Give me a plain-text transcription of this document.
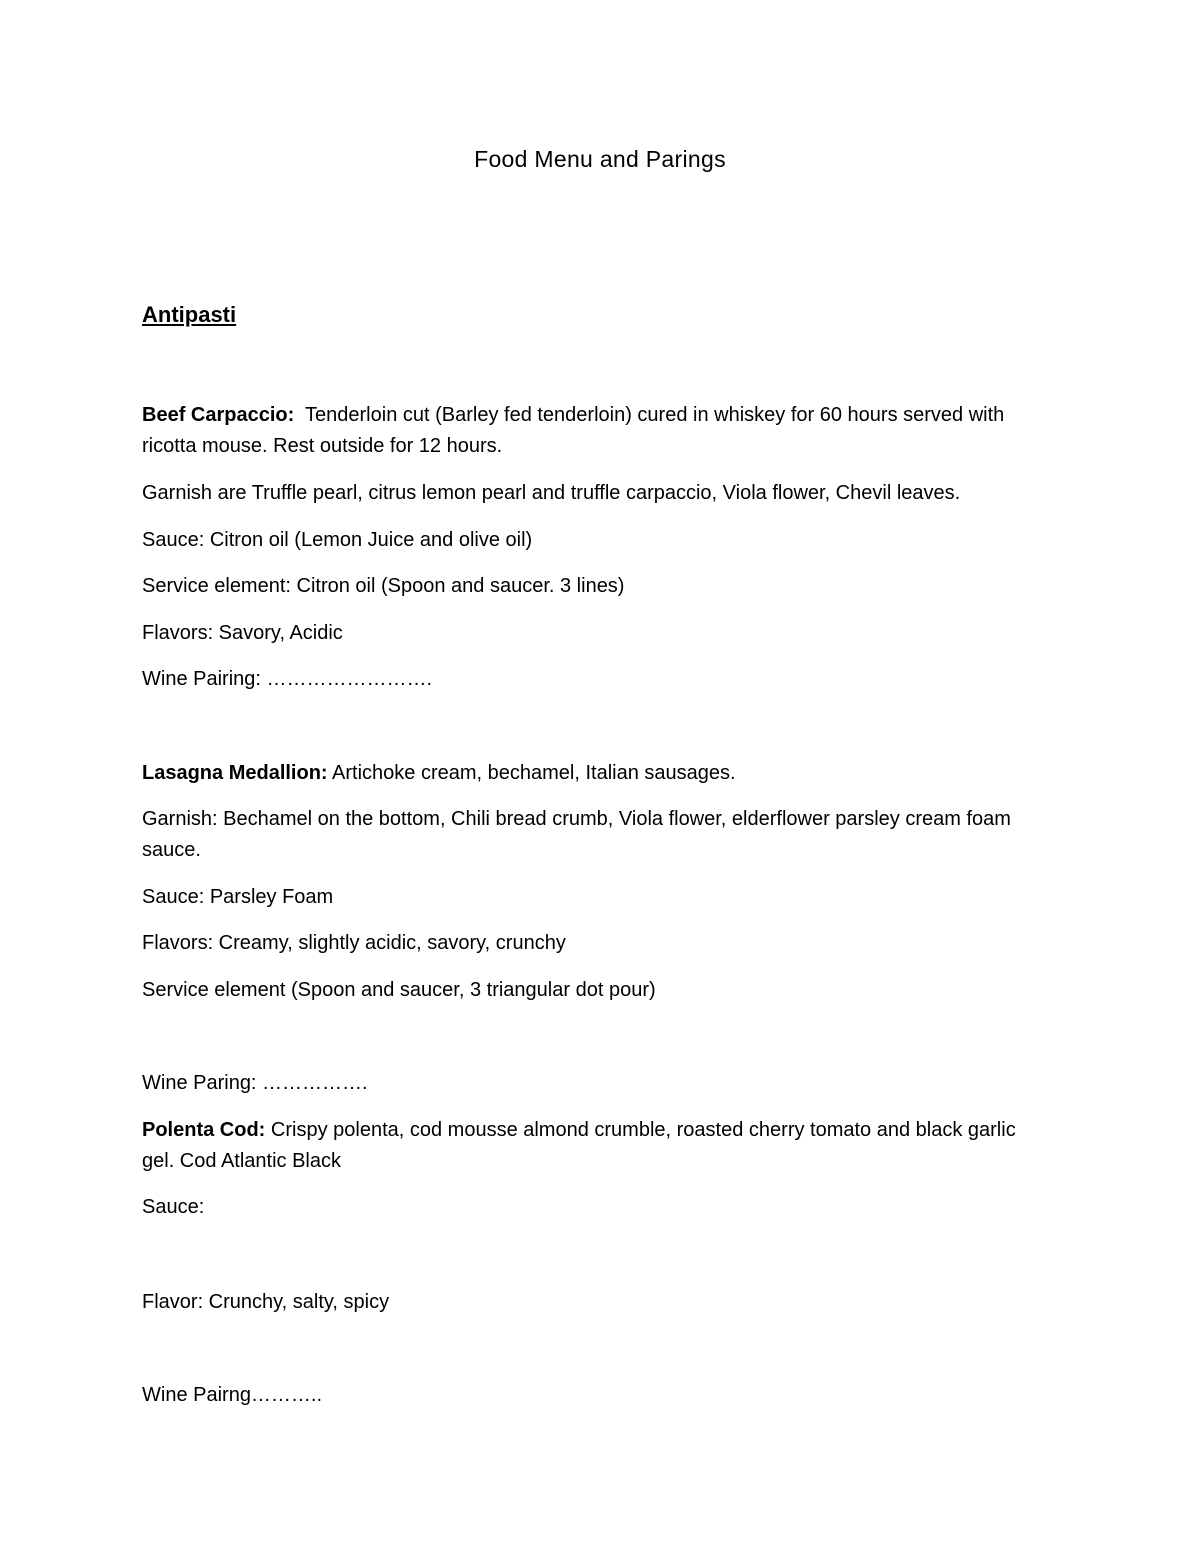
Food Menu and Parings
Antipasti
Beef Carpaccio:  Tenderloin cut (Barley fed tenderloin) cured in whiskey for 60 hours served with ricotta mouse. Rest outside for 12 hours.
Garnish are Truffle pearl, citrus lemon pearl and truffle carpaccio, Viola flower, Chevil leaves.
Sauce: Citron oil (Lemon Juice and olive oil)
Service element: Citron oil (Spoon and saucer. 3 lines)
Flavors: Savory, Acidic
Wine Pairing: …………………….
Lasagna Medallion: Artichoke cream, bechamel, Italian sausages.
Garnish: Bechamel on the bottom, Chili bread crumb, Viola flower, elderflower parsley cream foam sauce.
Sauce: Parsley Foam
Flavors: Creamy, slightly acidic, savory, crunchy
Service element (Spoon and saucer, 3 triangular dot pour)
Wine Paring: …………….
Polenta Cod: Crispy polenta, cod mousse almond crumble, roasted cherry tomato and black garlic gel. Cod Atlantic Black
Sauce:
Flavor: Crunchy, salty, spicy
Wine Pairng………..
